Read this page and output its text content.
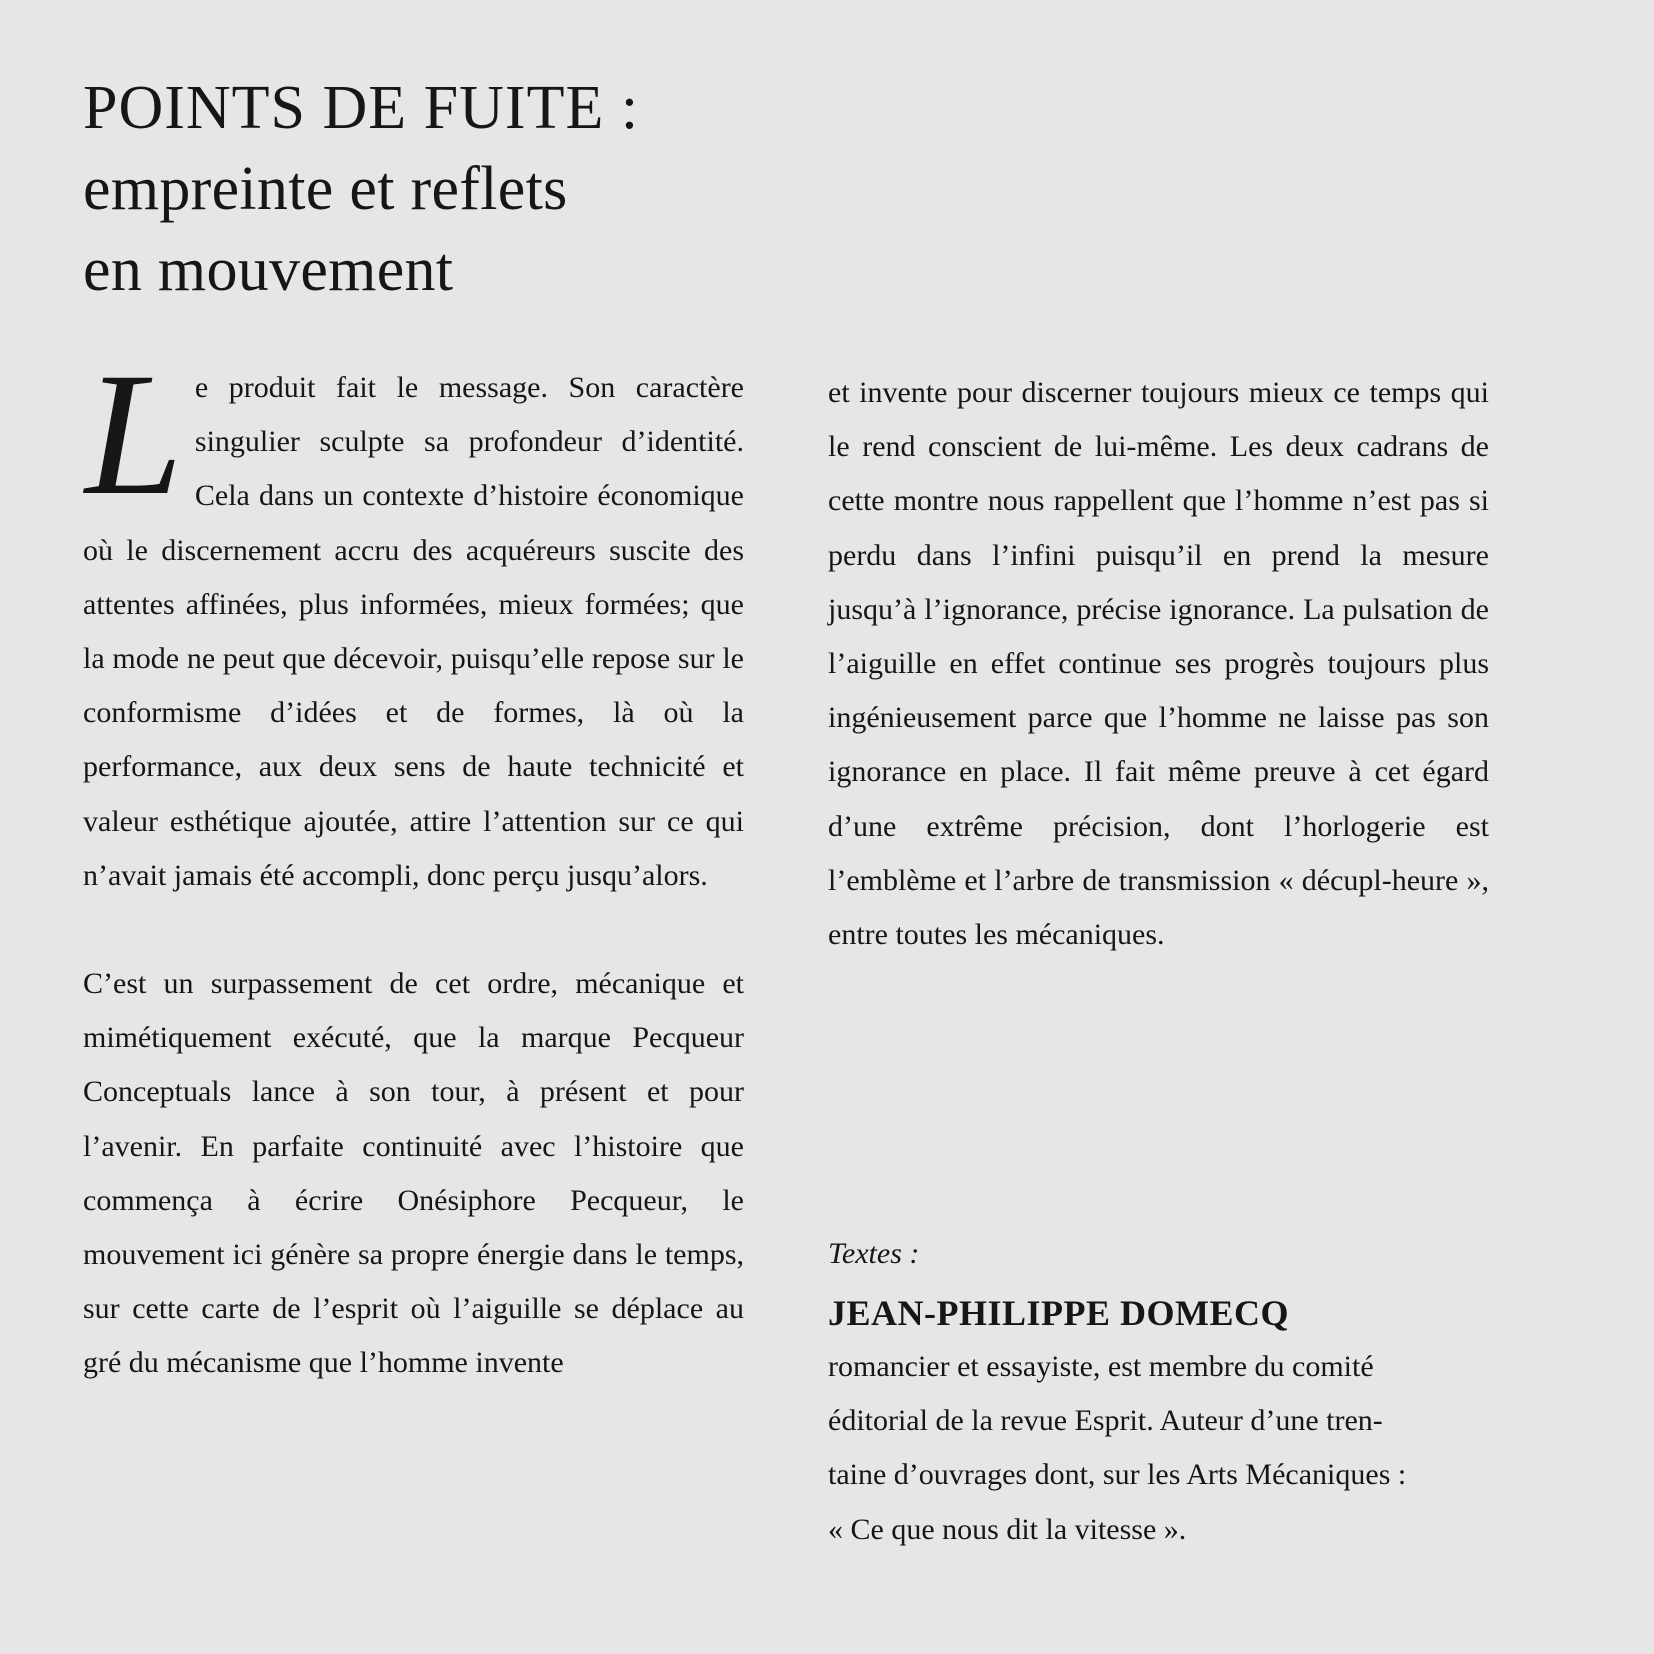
POINTS DE FUITE :
empreinte et reflets
en mouvement

Le produit fait le message. Son caractère singulier sculpte sa profondeur d’identité. Cela dans un contexte d’histoire économique où le discernement accru des acquéreurs suscite des attentes affinées, plus informées, mieux formées; que la mode ne peut que décevoir, puisqu’elle repose sur le conformisme d’idées et de formes, là où la performance, aux deux sens de haute technicité et valeur esthétique ajoutée, attire l’attention sur ce qui n’avait jamais été accompli, donc perçu jusqu’alors.

C’est un surpassement de cet ordre, mécanique et mimétiquement exécuté, que la marque Pecqueur Conceptuals lance à son tour, à présent et pour l’avenir. En parfaite continuité avec l’histoire que commença à écrire Onésiphore Pecqueur, le mouvement ici génère sa propre énergie dans le temps, sur cette carte de l’esprit où l’aiguille se déplace au gré du mécanisme que l’homme invente

et invente pour discerner toujours mieux ce temps qui le rend conscient de lui-même. Les deux cadrans de cette montre nous rappellent que l’homme n’est pas si perdu dans l’infini puisqu’il en prend la mesure jusqu’à l’ignorance, précise ignorance. La pulsation de l’aiguille en effet continue ses progrès toujours plus ingénieusement parce que l’homme ne laisse pas son ignorance en place. Il fait même preuve à cet égard d’une extrême précision, dont l’horlogerie est l’emblème et l’arbre de transmission « décupl-heure », entre toutes les mécaniques.

Textes :

JEAN-PHILIPPE DOMECQ

romancier et essayiste, est membre du comité
éditorial de la revue Esprit. Auteur d’une tren-
taine d’ouvrages dont, sur les Arts Mécaniques :
« Ce que nous dit la vitesse ».
